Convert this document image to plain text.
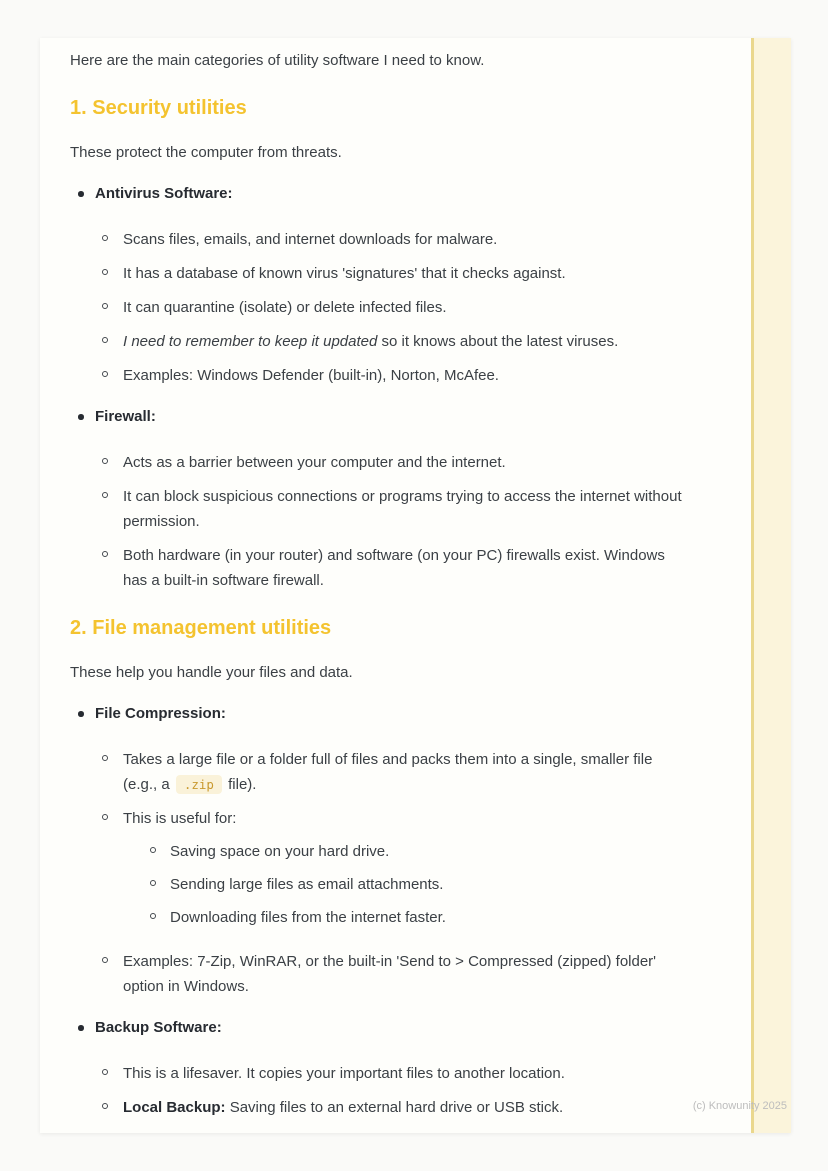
Here are the main categories of utility software I need to know.

1. Security utilities

These protect the computer from threats.

Antivirus Software:
Scans files, emails, and internet downloads for malware.
It has a database of known virus 'signatures' that it checks against.
It can quarantine (isolate) or delete infected files.
I need to remember to keep it updated so it knows about the latest viruses.
Examples: Windows Defender (built-in), Norton, McAfee.
Firewall:
Acts as a barrier between your computer and the internet.
It can block suspicious connections or programs trying to access the internet without permission.
Both hardware (in your router) and software (on your PC) firewalls exist. Windows has a built-in software firewall.
2. File management utilities

These help you handle your files and data.

File Compression:
Takes a large file or a folder full of files and packs them into a single, smaller file (e.g., a .zip file).
This is useful for:
Saving space on your hard drive.
Sending large files as email attachments.
Downloading files from the internet faster.
Examples: 7-Zip, WinRAR, or the built-in 'Send to > Compressed (zipped) folder' option in Windows.
Backup Software:
This is a lifesaver. It copies your important files to another location.
Local Backup: Saving files to an external hard drive or USB stick.	(c) Knowunity 2025
